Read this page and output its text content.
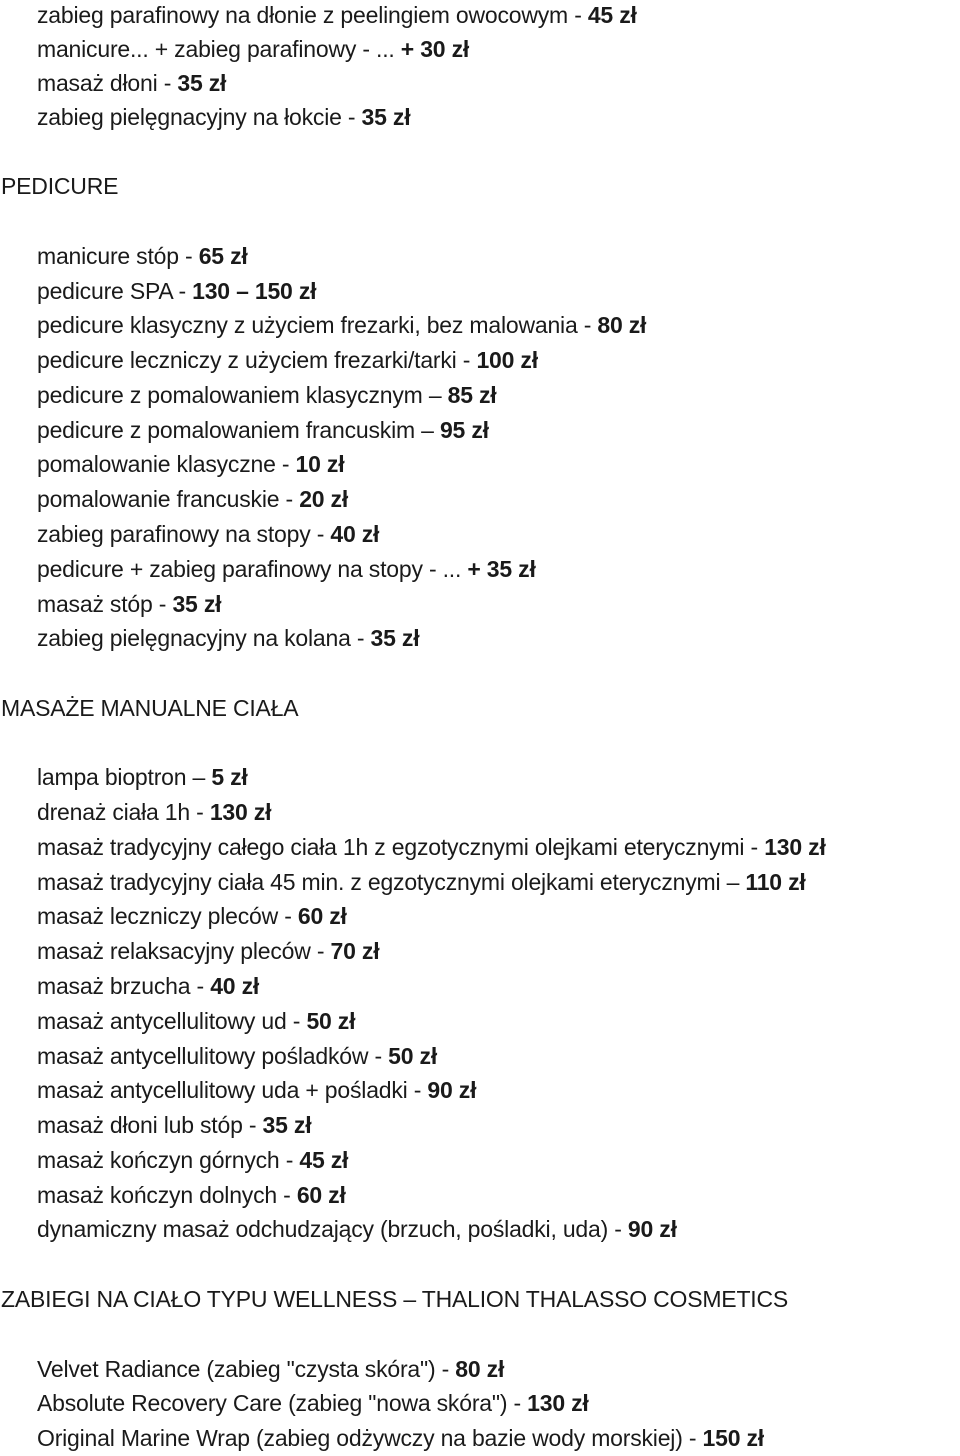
zabieg parafinowy na dłonie z peelingiem owocowym - 45 zł
manicure... + zabieg parafinowy - ... + 30 zł
masaż dłoni - 35 zł
zabieg pielęgnacyjny na łokcie - 35 zł
PEDICURE
manicure stóp - 65 zł
pedicure SPA - 130 – 150 zł
pedicure klasyczny z użyciem frezarki, bez malowania - 80 zł
pedicure leczniczy z użyciem frezarki/tarki - 100 zł
pedicure z pomalowaniem klasycznym – 85 zł
pedicure z pomalowaniem francuskim – 95 zł
pomalowanie klasyczne - 10 zł
pomalowanie francuskie - 20 zł
zabieg parafinowy na stopy - 40 zł
pedicure + zabieg parafinowy na stopy - ... + 35 zł
masaż stóp - 35 zł
zabieg pielęgnacyjny na kolana - 35 zł
MASAŻE MANUALNE CIAŁA
lampa bioptron – 5 zł
drenaż ciała 1h - 130 zł
masaż tradycyjny całego ciała 1h z egzotycznymi olejkami eterycznymi - 130 zł
masaż tradycyjny ciała 45 min. z egzotycznymi olejkami eterycznymi – 110 zł
masaż leczniczy pleców - 60 zł
masaż relaksacyjny pleców - 70 zł
masaż brzucha - 40 zł
masaż antycellulitowy ud - 50 zł
masaż antycellulitowy pośladków - 50 zł
masaż antycellulitowy uda + pośladki - 90 zł
masaż dłoni lub stóp - 35 zł
masaż kończyn górnych - 45 zł
masaż kończyn dolnych - 60 zł
dynamiczny masaż odchudzający (brzuch, pośladki, uda) - 90 zł
ZABIEGI NA CIAŁO TYPU WELLNESS – THALION THALASSO COSMETICS
Velvet Radiance (zabieg "czysta skóra") - 80 zł
Absolute Recovery Care (zabieg "nowa skóra") - 130 zł
Original Marine Wrap (zabieg odżywczy na bazie wody morskiej) - 150 zł
